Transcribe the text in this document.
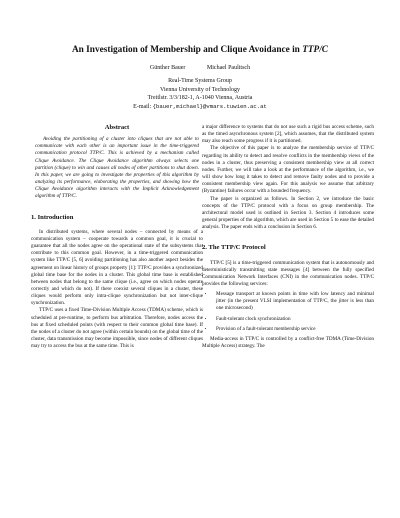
An Investigation of Membership and Clique Avoidance in TTP/C
Günther Bauer	Michael Paulitsch
Real-Time Systems Group
Vienna University of Technology
Treitlstr. 3/3/182-1, A-1040 Vienna, Austria
E-mail: {bauer,michael}@vmars.tuwien.ac.at
Abstract

Avoiding the partitioning of a cluster into cliques that are not able to communicate with each other is an important issue in the time-triggered communication protocol TTP/C. This is achieved by a mechanism called Clique Avoidance. The Clique Avoidance algorithm always selects one partition (clique) to win and causes all nodes of other partitions to shut down. In this paper, we are going to investigate the properties of this algorithm by analyzing its performance, elaborating the properties, and showing how the Clique Avoidance algorithm interacts with the Implicit Acknowledgement algorithm of TTP/C.

1. Introduction

In distributed systems, where several nodes – connected by means of a communication system – cooperate towards a common goal, it is crucial to guarantee that all the nodes agree on the operational state of the subsystems that contribute to this common goal. However, in a time-triggered communication system like TTP/C [5, 6] avoiding partitioning has also another aspect besides the agreement on linear history of groups property [1]: TTP/C provides a synchronized global time base for the nodes in a cluster. This global time base is established between nodes that belong to the same clique (i.e., agree on which nodes operate correctly and which do not). If there coexist several cliques in a cluster, these cliques would perform only intra-clique synchronization but not inter-clique synchronization.

TTP/C uses a fixed Time-Division Multiple Access (TDMA) scheme, which is scheduled at pre-runtime, to perform bus arbitration. Therefore, nodes access the bus at fixed scheduled points (with respect to their common global time base). If the nodes of a cluster do not agree (within certain bounds) on the global time of the cluster, data transmission may become impossible, since nodes of different cliques may try to access the bus at the same time. This is

a major difference to systems that do not use such a rigid bus access scheme, such as the timed asynchronous system [2], which assumes, that the distributed system may also reach some progress if it is partitioned.

The objective of this paper is to analyze the membership service of TTP/C regarding its ability to detect and resolve conflicts in the membership views of the nodes in a cluster, thus preserving a consistent membership view at all correct nodes. Further, we will take a look at the performance of the algorithm, i.e., we will show how long it takes to detect and remove faulty nodes and to provide a consistent membership view again. For this analysis we assume that arbitrary (Byzantine) failures occur with a bounded frequency.

The paper is organized as follows. In Section 2, we introduce the basic concepts of the TTP/C protocol with a focus on group membership. The architectural model used is outlined in Section 3. Section 4 introduces some general properties of the algorithm, which are used in Section 5 to ease the detailed analysis. The paper ends with a conclusion in Section 6.

2. The TTP/C Protocol

TTP/C [5] is a time-triggered communication system that is autonomously and deterministically transmitting state messages [4] between the fully specified Communication Network Interfaces (CNI) in the communication nodes. TTP/C provides the following services:

• Message transport at known points in time with low latency and minimal jitter (in the present VLSI implementation of TTP/C, the jitter is less than one microsecond)
• Fault-tolerant clock synchronization
• Provision of a fault-tolerant membership service

Media-access in TTP/C is controlled by a conflict-free TDMA (Time-Division Multiple Access) strategy. The
